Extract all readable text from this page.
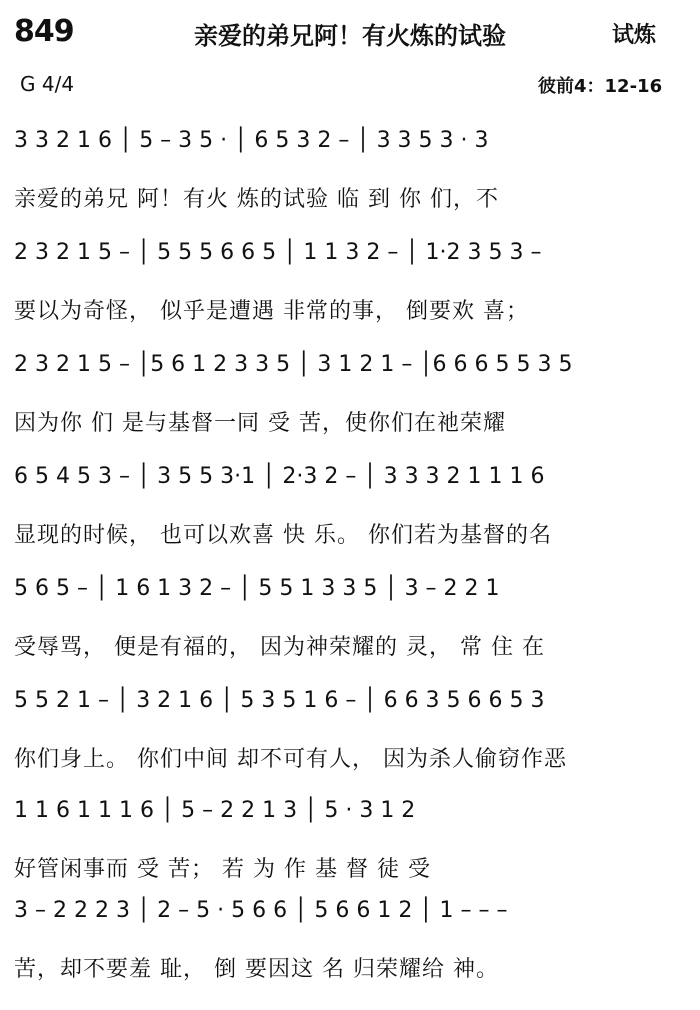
849	亲爱的弟兄阿！有火炼的试验	试炼
G 4/4	彼前4：12-16
3 3 2 1 6 │ 5 – 3 5 · │ 6 5 3 2 – │ 3 3 5 3 · 3
亲爱的弟兄 阿！有火 炼的试验 临 到 你 们，不
2 3 2 1 5 – │ 5 5 5 6 6 5 │ 1 1 3 2 – │ 1·2 3 5 3 –
要以为奇怪， 似乎是遭遇 非常的事， 倒要欢 喜；
2 3 2 1 5 – │5 6 1 2 3 3 5 │ 3 1 2 1 – │6 6 6 5 5 3 5
因为你 们 是与基督一同 受 苦，使你们在祂荣耀
6 5 4 5 3 – │ 3 5 5 3·1 │ 2·3 2 – │ 3 3 3 2 1 1 1 6
显现的时候， 也可以欢喜 快 乐。 你们若为基督的名
5 6 5 – │ 1 6 1 3 2 – │ 5 5 1 3 3 5 │ 3 – 2 2 1
受辱骂， 便是有福的， 因为神荣耀的 灵， 常 住 在
5 5 2 1 – │ 3 2 1 6 │ 5 3 5 1 6 – │ 6 6 3 5 6 6 5 3
你们身上。 你们中间 却不可有人， 因为杀人偷窃作恶
1 1 6 1 1 1 6 │ 5 – 2 2 1 3 │ 5 · 3 1 2
好管闲事而 受 苦； 若 为 作 基 督 徒 受
3 – 2 2 2 3 │ 2 – 5 · 5 6 6 │ 5 6 6 1 2 │ 1 – – –
苦，却不要羞 耻， 倒 要因这 名 归荣耀给 神。
